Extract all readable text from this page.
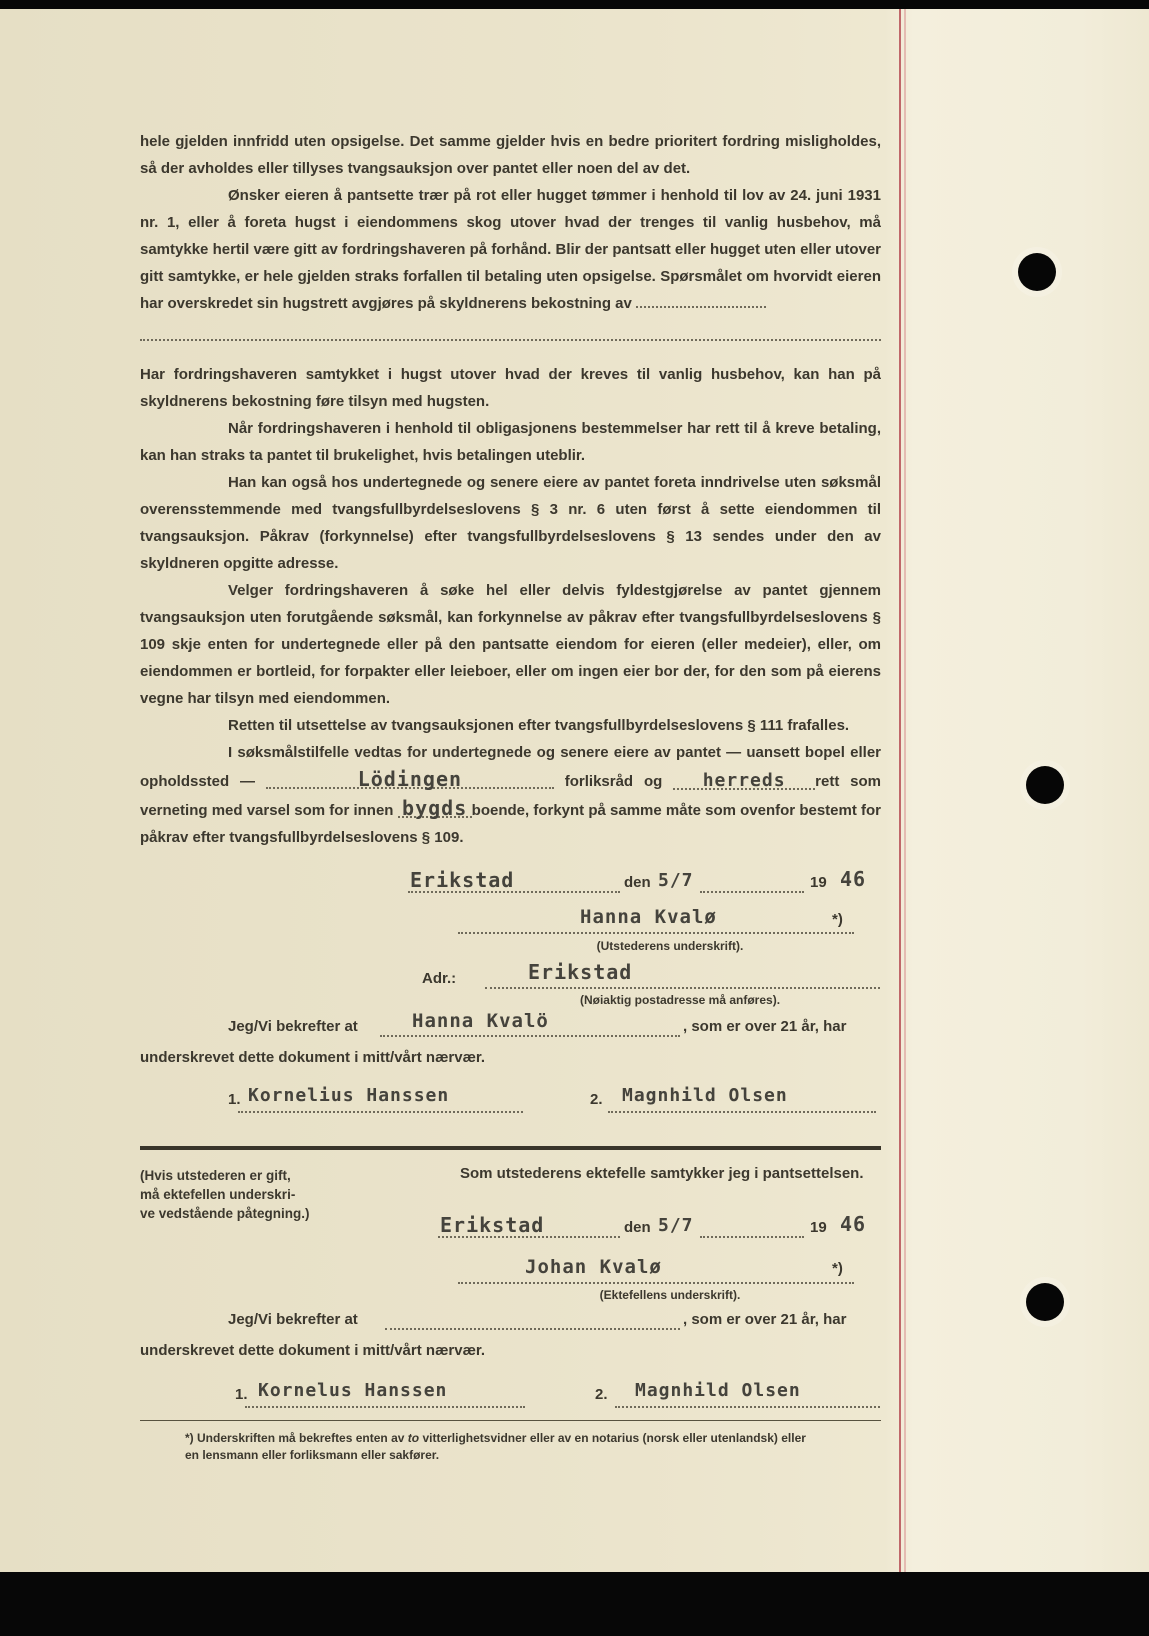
hele gjelden innfridd uten opsigelse. Det samme gjelder hvis en bedre prioritert fordring misligholdes, så der avholdes eller tillyses tvangsauksjon over pantet eller noen del av det.

Ønsker eieren å pantsette trær på rot eller hugget tømmer i henhold til lov av 24. juni 1931 nr. 1, eller å foreta hugst i eiendommens skog utover hvad der trenges til vanlig husbehov, må samtykke hertil være gitt av fordringshaveren på forhånd. Blir der pantsatt eller hugget uten eller utover gitt samtykke, er hele gjelden straks forfallen til betaling uten opsigelse. Spørsmålet om hvorvidt eieren har overskredet sin hugstrett avgjøres på skyldnerens bekostning av

Har fordringshaveren samtykket i hugst utover hvad der kreves til vanlig husbehov, kan han på skyldnerens bekostning føre tilsyn med hugsten.

Når fordringshaveren i henhold til obligasjonens bestemmelser har rett til å kreve betaling, kan han straks ta pantet til brukelighet, hvis betalingen uteblir.

Han kan også hos undertegnede og senere eiere av pantet foreta inndrivelse uten søksmål overensstemmende med tvangsfullbyrdelseslovens § 3 nr. 6 uten først å sette eiendommen til tvangsauksjon. Påkrav (forkynnelse) efter tvangsfullbyrdelseslovens § 13 sendes under den av skyldneren opgitte adresse.

Velger fordringshaveren å søke hel eller delvis fyldestgjørelse av pantet gjennem tvangsauksjon uten forutgående søksmål, kan forkynnelse av påkrav efter tvangsfullbyrdelseslovens § 109 skje enten for undertegnede eller på den pantsatte eiendom for eieren (eller medeier), eller, om eiendommen er bortleid, for forpakter eller leieboer, eller om ingen eier bor der, for den som på eierens vegne har tilsyn med eiendommen.

Retten til utsettelse av tvangsauksjonen efter tvangsfullbyrdelseslovens § 111 frafalles.

I søksmålstilfelle vedtas for undertegnede og senere eiere av pantet — uansett bopel eller opholdssted —	Lödingen	forliksråd og herreds rett som verneting med varsel som for innen bygds boende, forkynt på samme måte som ovenfor bestemt for påkrav efter tvangsfullbyrdelseslovens § 109.

Erikstad	den 5/7	19 46
Hanna Kvalø	*)
(Utstederens underskrift).
Adr.:	Erikstad
(Nøiaktig postadresse må anføres).
Jeg/Vi bekrefter at	Hanna Kvalö	, som er over 21 år, har
underskrevet dette dokument i mitt/vårt nærvær.
1. Kornelius Hanssen	2. Magnhild Olsen
(Hvis utstederen er gift,
må ektefellen underskri-
ve vedstående påtegning.)
Som utstederens ektefelle samtykker jeg i pantsettelsen.
Erikstad	den 5/7	19 46
Johan Kvalø	*)
(Ektefellens underskrift).
Jeg/Vi bekrefter at	, som er over 21 år, har
underskrevet dette dokument i mitt/vårt nærvær.
1. Kornelus Hanssen	2. Magnhild Olsen
*) Underskriften må bekreftes enten av to vitterlighetsvidner eller av en notarius (norsk eller utenlandsk) eller
en lensmann eller forliksmann eller sakfører.
